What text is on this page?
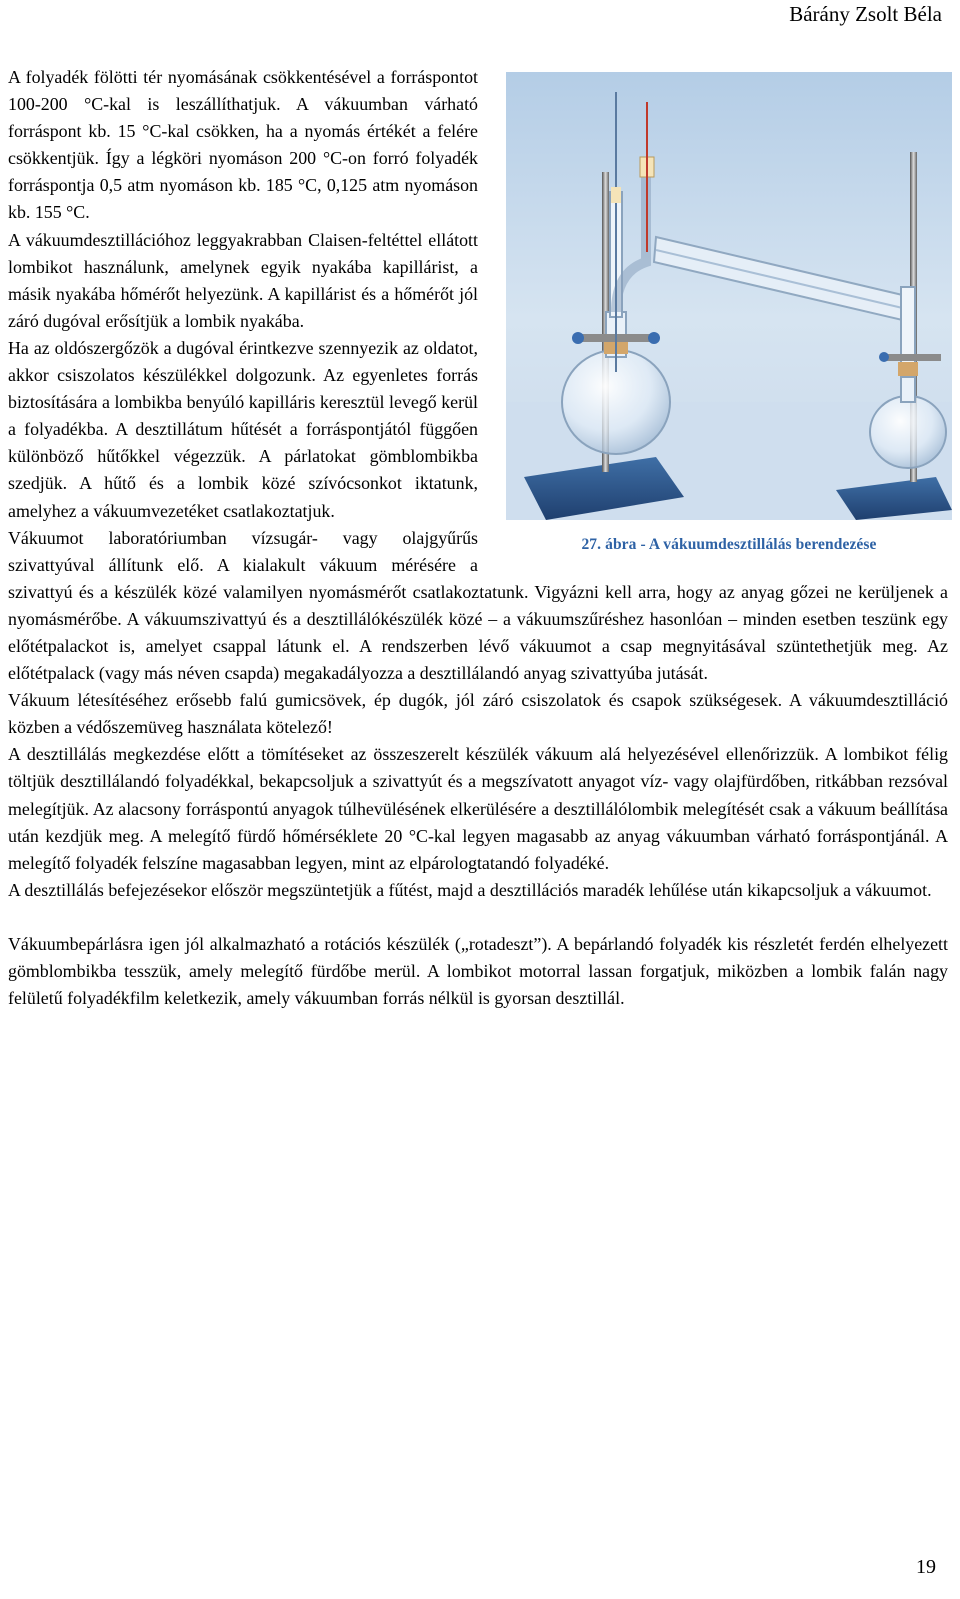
Bárány Zsolt Béla
27. ábra - A vákuumdesztillálás berendezése

A folyadék fölötti tér nyomásának csökkentésével a forráspontot 100-200 °C-kal is leszállíthatjuk. A vákuumban várható forráspont kb. 15 °C-kal csökken, ha a nyomás értékét a felére csökkentjük. Így a légköri nyomáson 200 °C-on forró folyadék forráspontja 0,5 atm nyomáson kb. 185 °C, 0,125 atm nyomáson kb. 155 °C.

A vákuumdesztillációhoz leggyakrabban Claisen-feltéttel ellátott lombikot használunk, amelynek egyik nyakába kapillárist, a másik nyakába hőmérőt helyezünk. A kapillárist és a hőmérőt jól záró dugóval erősítjük a lombik nyakába.

Ha az oldószergőzök a dugóval érintkezve szennyezik az oldatot, akkor csiszolatos készülékkel dolgozunk. Az egyenletes forrás biztosítására a lombikba benyúló kapilláris keresztül levegő kerül a folyadékba. A desztillátum hűtését a forráspontjától függően különböző hűtőkkel végezzük. A párlatokat gömblombikba szedjük. A hűtő és a lombik közé szívócsonkot iktatunk, amelyhez a vákuumvezetéket csatlakoztatjuk.

Vákuumot laboratóriumban vízsugár- vagy olajgyűrűs szivattyúval állítunk elő. A kialakult vákuum mérésére a szivattyú és a készülék közé valamilyen nyomásmérőt csatlakoztatunk. Vigyázni kell arra, hogy az anyag gőzei ne kerüljenek a nyomásmérőbe. A vákuumszivattyú és a desztillálókészülék közé – a vákuumszűréshez hasonlóan – minden esetben teszünk egy előtétpalackot is, amelyet csappal látunk el. A rendszerben lévő vákuumot a csap megnyitásával szüntethetjük meg. Az előtétpalack (vagy más néven csapda) megakadályozza a desztillálandó anyag szivattyúba jutását.

Vákuum létesítéséhez erősebb falú gumicsövek, ép dugók, jól záró csiszolatok és csapok szükségesek. A vákuumdesztilláció közben a védőszemüveg használata kötelező!

A desztillálás megkezdése előtt a tömítéseket az összeszerelt készülék vákuum alá helyezésével ellenőrizzük. A lombikot félig töltjük desztillálandó folyadékkal, bekapcsoljuk a szivattyút és a megszívatott anyagot víz- vagy olajfürdőben, ritkábban rezsóval melegítjük. Az alacsony forráspontú anyagok túlhevülésének elkerülésére a desztillálólombik melegítését csak a vákuum beállítása után kezdjük meg. A melegítő fürdő hőmérséklete 20 °C-kal legyen magasabb az anyag vákuumban várható forráspontjánál. A melegítő folyadék felszíne magasabban legyen, mint az elpárologtatandó folyadéké.

A desztillálás befejezésekor először megszüntetjük a fűtést, majd a desztillációs maradék lehűlése után kikapcsoljuk a vákuumot.

Vákuumbepárlásra igen jól alkalmazható a rotációs készülék („rotadeszt”). A bepárlandó folyadék kis részletét ferdén elhelyezett gömblombikba tesszük, amely melegítő fürdőbe merül. A lombikot motorral lassan forgatjuk, miközben a lombik falán nagy felületű folyadékfilm keletkezik, amely vákuumban forrás nélkül is gyorsan desztillál.

19
